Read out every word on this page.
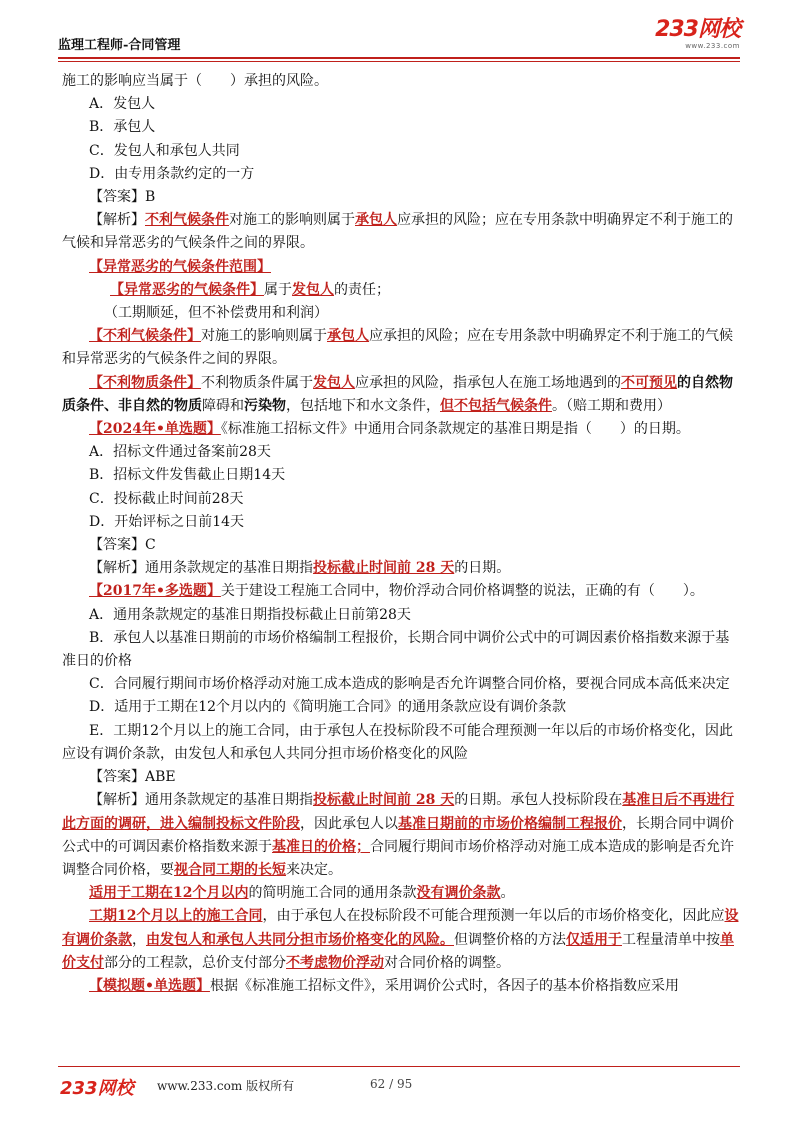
监理工程师-合同管理
233网校
www.233.com

施工的影响应当属于（　　）承担的风险。

A．发包人

B．承包人

C．发包人和承包人共同

D．由专用条款约定的一方

【答案】B

【解析】不利气候条件对施工的影响则属于承包人应承担的风险；应在专用条款中明确界定不利于施工的气候和异常恶劣的气候条件之间的界限。

【异常恶劣的气候条件范围】

【异常恶劣的气候条件】属于发包人的责任；

（工期顺延，但不补偿费用和利润）

【不利气候条件】对施工的影响则属于承包人应承担的风险；应在专用条款中明确界定不利于施工的气候和异常恶劣的气候条件之间的界限。

【不利物质条件】不利物质条件属于发包人应承担的风险，指承包人在施工场地遇到的不可预见的自然物质条件、非自然的物质障碍和污染物，包括地下和水文条件，但不包括气候条件。（赔工期和费用）

【2024年•单选题】《标准施工招标文件》中通用合同条款规定的基准日期是指（　　）的日期。

A．招标文件通过备案前28天

B．招标文件发售截止日期14天

C．投标截止时间前28天

D．开始评标之日前14天

【答案】C

【解析】通用条款规定的基准日期指投标截止时间前 28 天的日期。

【2017年•多选题】关于建设工程施工合同中，物价浮动合同价格调整的说法，正确的有（　　）。

A．通用条款规定的基准日期指投标截止日前第28天

B．承包人以基准日期前的市场价格编制工程报价，长期合同中调价公式中的可调因素价格指数来源于基准日的价格

C．合同履行期间市场价格浮动对施工成本造成的影响是否允许调整合同价格，要视合同成本高低来决定

D．适用于工期在12个月以内的《简明施工合同》的通用条款应设有调价条款

E．工期12个月以上的施工合同，由于承包人在投标阶段不可能合理预测一年以后的市场价格变化，因此应设有调价条款，由发包人和承包人共同分担市场价格变化的风险

【答案】ABE

【解析】通用条款规定的基准日期指投标截止时间前 28 天的日期。承包人投标阶段在基准日后不再进行此方面的调研，进入编制投标文件阶段，因此承包人以基准日期前的市场价格编制工程报价，长期合同中调价公式中的可调因素价格指数来源于基准日的价格；合同履行期间市场价格浮动对施工成本造成的影响是否允许调整合同价格，要视合同工期的长短来决定。

适用于工期在12个月以内的简明施工合同的通用条款没有调价条款。

工期12个月以上的施工合同，由于承包人在投标阶段不可能合理预测一年以后的市场价格变化，因此应设有调价条款，由发包人和承包人共同分担市场价格变化的风险。但调整价格的方法仅适用于工程量清单中按单价支付部分的工程款，总价支付部分不考虑物价浮动对合同价格的调整。

【模拟题•单选题】根据《标准施工招标文件》，采用调价公式时，各因子的基本价格指数应采用

233网校 www.233.com 版权所有	62 / 95
